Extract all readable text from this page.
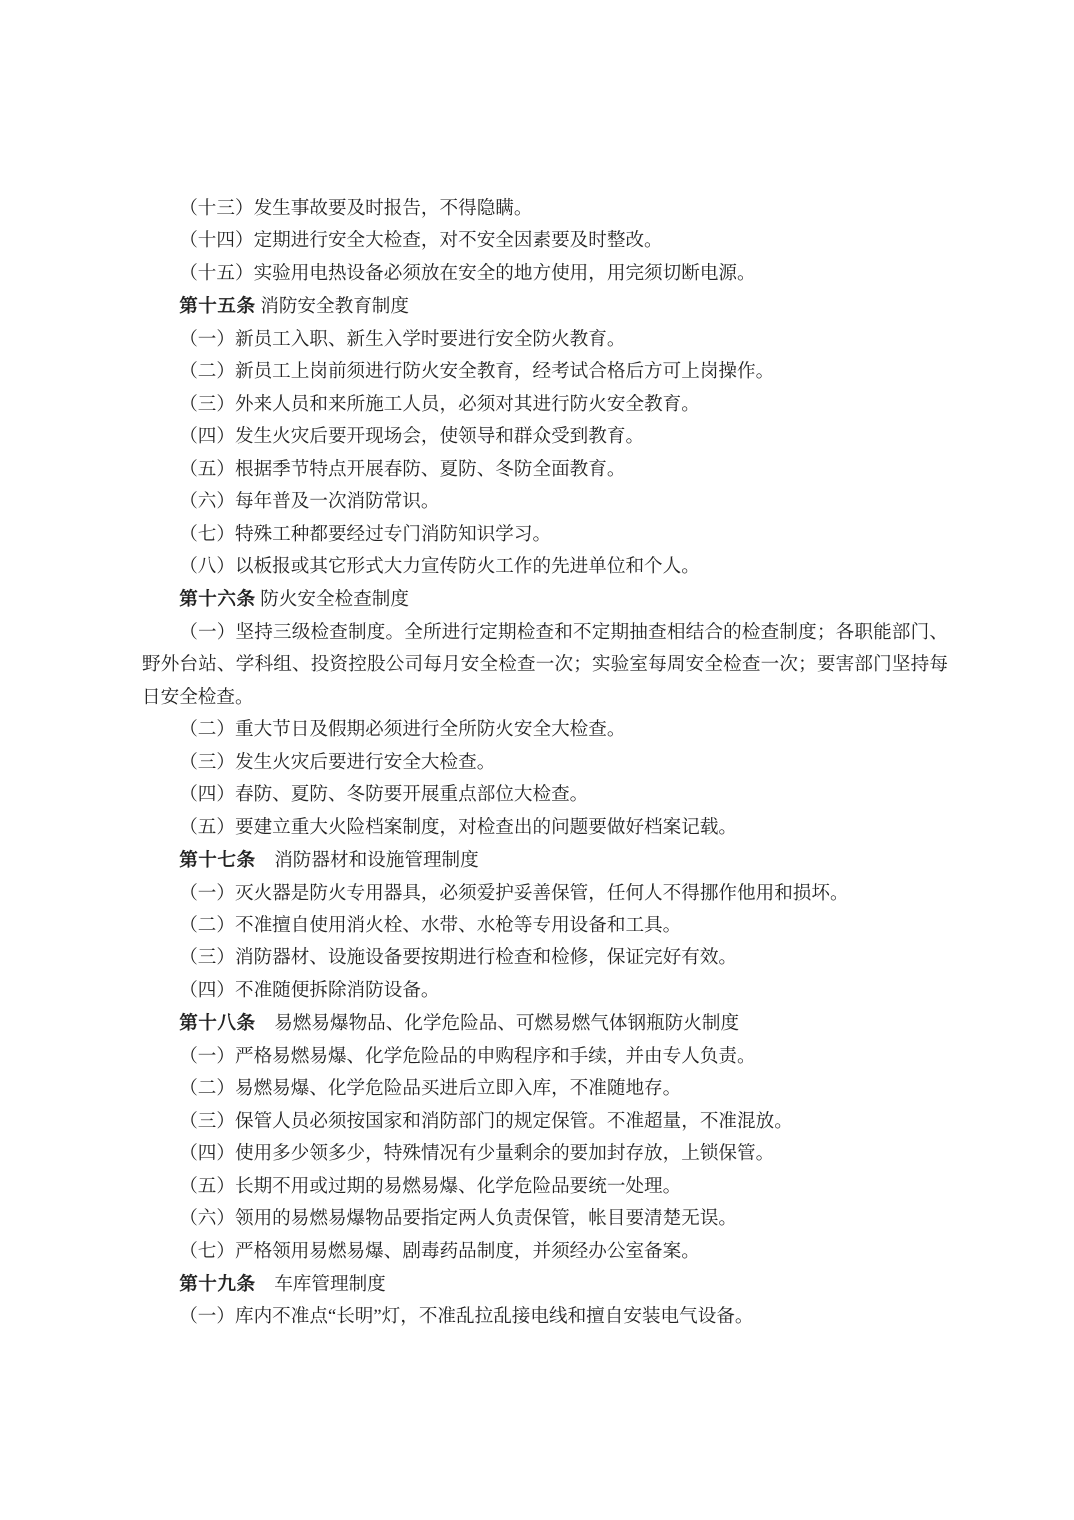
（十三）发生事故要及时报告，不得隐瞒。

（十四）定期进行安全大检查，对不安全因素要及时整改。

（十五）实验用电热设备必须放在安全的地方使用，用完须切断电源。

第十五条 消防安全教育制度

（一）新员工入职、新生入学时要进行安全防火教育。

（二）新员工上岗前须进行防火安全教育，经考试合格后方可上岗操作。

（三）外来人员和来所施工人员，必须对其进行防火安全教育。

（四）发生火灾后要开现场会，使领导和群众受到教育。

（五）根据季节特点开展春防、夏防、冬防全面教育。

（六）每年普及一次消防常识。

（七）特殊工种都要经过专门消防知识学习。

（八）以板报或其它形式大力宣传防火工作的先进单位和个人。

第十六条 防火安全检查制度

（一）坚持三级检查制度。全所进行定期检查和不定期抽查相结合的检查制度；各职能部门、野外台站、学科组、投资控股公司每月安全检查一次；实验室每周安全检查一次；要害部门坚持每日安全检查。

（二）重大节日及假期必须进行全所防火安全大检查。

（三）发生火灾后要进行安全大检查。

（四）春防、夏防、冬防要开展重点部位大检查。

（五）要建立重大火险档案制度，对检查出的问题要做好档案记载。

第十七条　 消防器材和设施管理制度

（一）灭火器是防火专用器具，必须爱护妥善保管，任何人不得挪作他用和损坏。

（二）不准擅自使用消火栓、水带、水枪等专用设备和工具。

（三）消防器材、设施设备要按期进行检查和检修，保证完好有效。

（四）不准随便拆除消防设备。

第十八条　 易燃易爆物品、化学危险品、可燃易燃气体钢瓶防火制度

（一）严格易燃易爆、化学危险品的申购程序和手续，并由专人负责。

（二）易燃易爆、化学危险品买进后立即入库，不准随地存。

（三）保管人员必须按国家和消防部门的规定保管。不准超量，不准混放。

（四）使用多少领多少，特殊情况有少量剩余的要加封存放，上锁保管。

（五）长期不用或过期的易燃易爆、化学危险品要统一处理。

（六）领用的易燃易爆物品要指定两人负责保管，帐目要清楚无误。

（七）严格领用易燃易爆、剧毒药品制度，并须经办公室备案。

第十九条　 车库管理制度

（一）库内不准点“长明”灯，不准乱拉乱接电线和擅自安装电气设备。
